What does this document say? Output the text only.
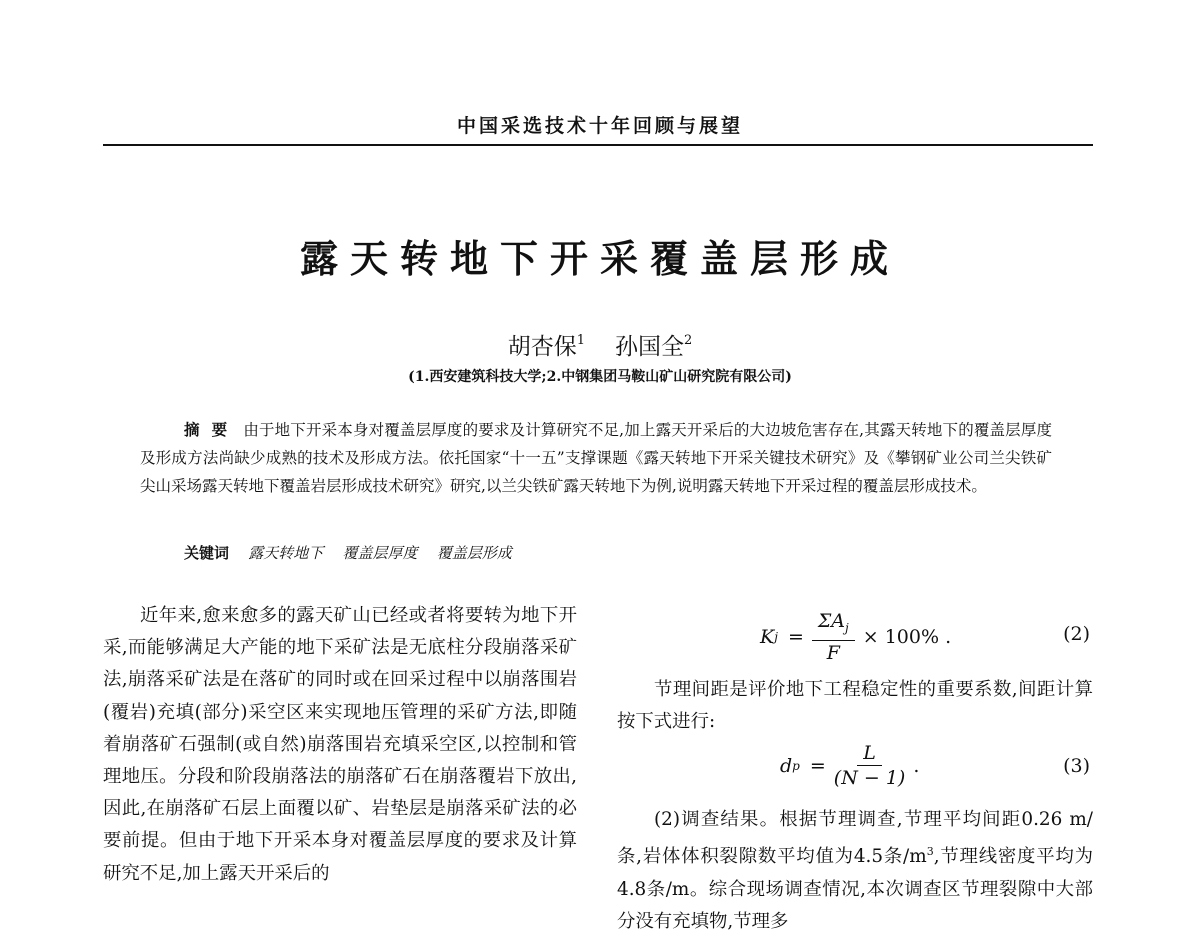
中国采选技术十年回顾与展望
露天转地下开采覆盖层形成
胡杏保$^1$ 孙国全$^2$
(1.西安建筑科技大学;2.中钢集团马鞍山矿山研究院有限公司)
摘要 由于地下开采本身对覆盖层厚度的要求及计算研究不足,加上露天开采后的大边坡危害存在,其露天转地下的覆盖层厚度及形成方法尚缺少成熟的技术及形成方法。依托国家“十一五”支撑课题《露天转地下开采关键技术研究》及《攀钢矿业公司兰尖铁矿尖山采场露天转地下覆盖岩层形成技术研究》研究,以兰尖铁矿露天转地下为例,说明露天转地下开采过程的覆盖层形成技术。
关键词 露天转地下 覆盖层厚度 覆盖层形成

近年来,愈来愈多的露天矿山已经或者将要转为地下开采,而能够满足大产能的地下采矿法是无底柱分段崩落采矿法,崩落采矿法是在落矿的同时或在回采过程中以崩落围岩(覆岩)充填(部分)采空区来实现地压管理的采矿方法,即随着崩落矿石强制(或自然)崩落围岩充填采空区,以控制和管理地压。分段和阶段崩落法的崩落矿石在崩落覆岩下放出,因此,在崩落矿石层上面覆以矿、岩垫层是崩落采矿法的必要前提。但由于地下开采本身对覆盖层厚度的要求及计算研究不足,加上露天开采后的

K $j = \frac{\Sigma A_j}{F} \times 100\%$ .	(2)

节理间距是评价地下工程稳定性的重要系数,间距计算按下式进行:

d $p = \frac{L}{(N - 1)}$ .	(3)

(2)调查结果。根据节理调查,节理平均间距0.26 m/条,岩体体积裂隙数平均值为4.5条$/m^3$,节理线密度平均为4.8条/m。综合现场调查情况,本次调查区节理裂隙中大部分没有充填物,节理多
